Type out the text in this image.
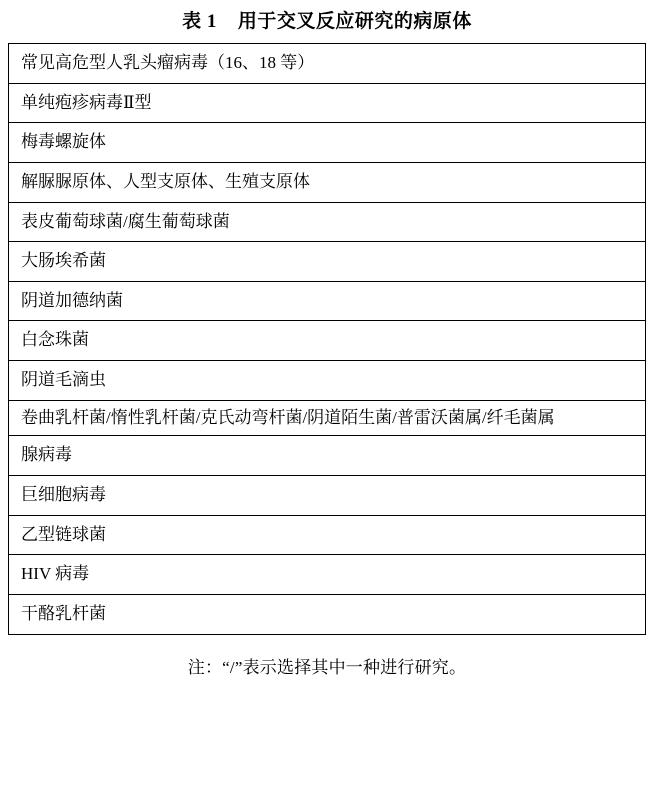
表 1    用于交叉反应研究的病原体
常见高危型人乳头瘤病毒（16、18 等）
单纯疱疹病毒Ⅱ型
梅毒螺旋体
解脲脲原体、人型支原体、生殖支原体
表皮葡萄球菌/腐生葡萄球菌
大肠埃希菌
阴道加德纳菌
白念珠菌
阴道毛滴虫
卷曲乳杆菌/惰性乳杆菌/克氏动弯杆菌/阴道陌生菌/普雷沃菌属/纤毛菌属
腺病毒
巨细胞病毒
乙型链球菌
HIV 病毒
干酪乳杆菌
注：“/”表示选择其中一种进行研究。
